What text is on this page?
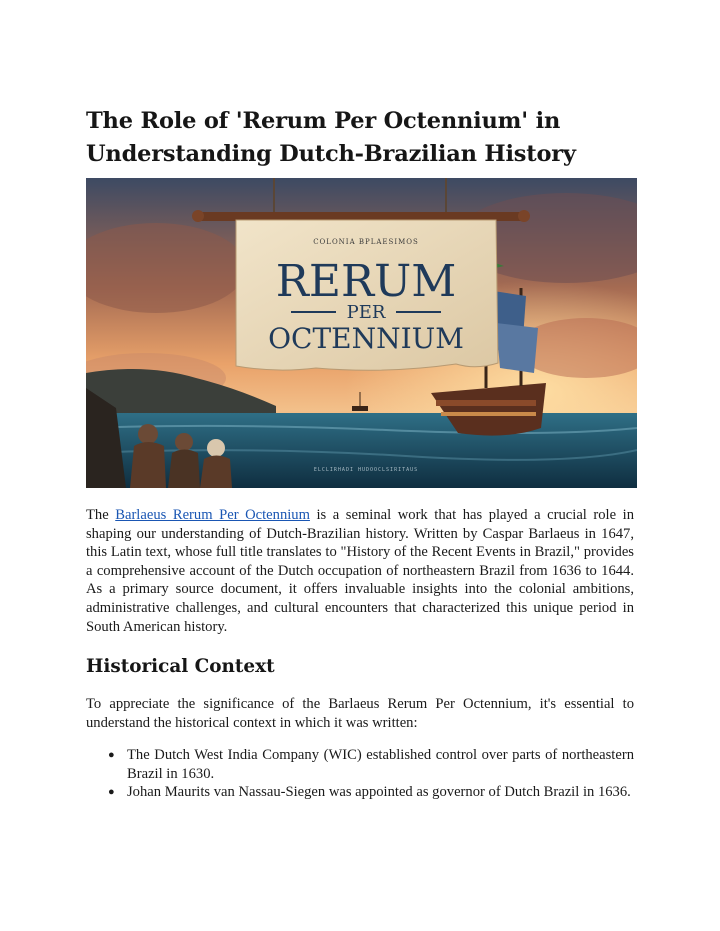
The Role of 'Rerum Per Octennium' in Understanding Dutch-Brazilian History
COLONIA BPLAESIMOS
RERUM
PER
OCTENNIUM
ELCLIRHADI HUDOOCLSIRITAUS

The Barlaeus Rerum Per Octennium is a seminal work that has played a crucial role in shaping our understanding of Dutch-Brazilian history. Written by Caspar Barlaeus in 1647, this Latin text, whose full title translates to "History of the Recent Events in Brazil," provides a comprehensive account of the Dutch occupation of northeastern Brazil from 1636 to 1644. As a primary source document, it offers invaluable insights into the colonial ambitions, administrative challenges, and cultural encounters that characterized this unique period in South American history.

Historical Context

To appreciate the significance of the Barlaeus Rerum Per Octennium, it's essential to understand the historical context in which it was written:

● The Dutch West India Company (WIC) established control over parts of northeastern Brazil in 1630.
● Johan Maurits van Nassau-Siegen was appointed as governor of Dutch Brazil in 1636.
